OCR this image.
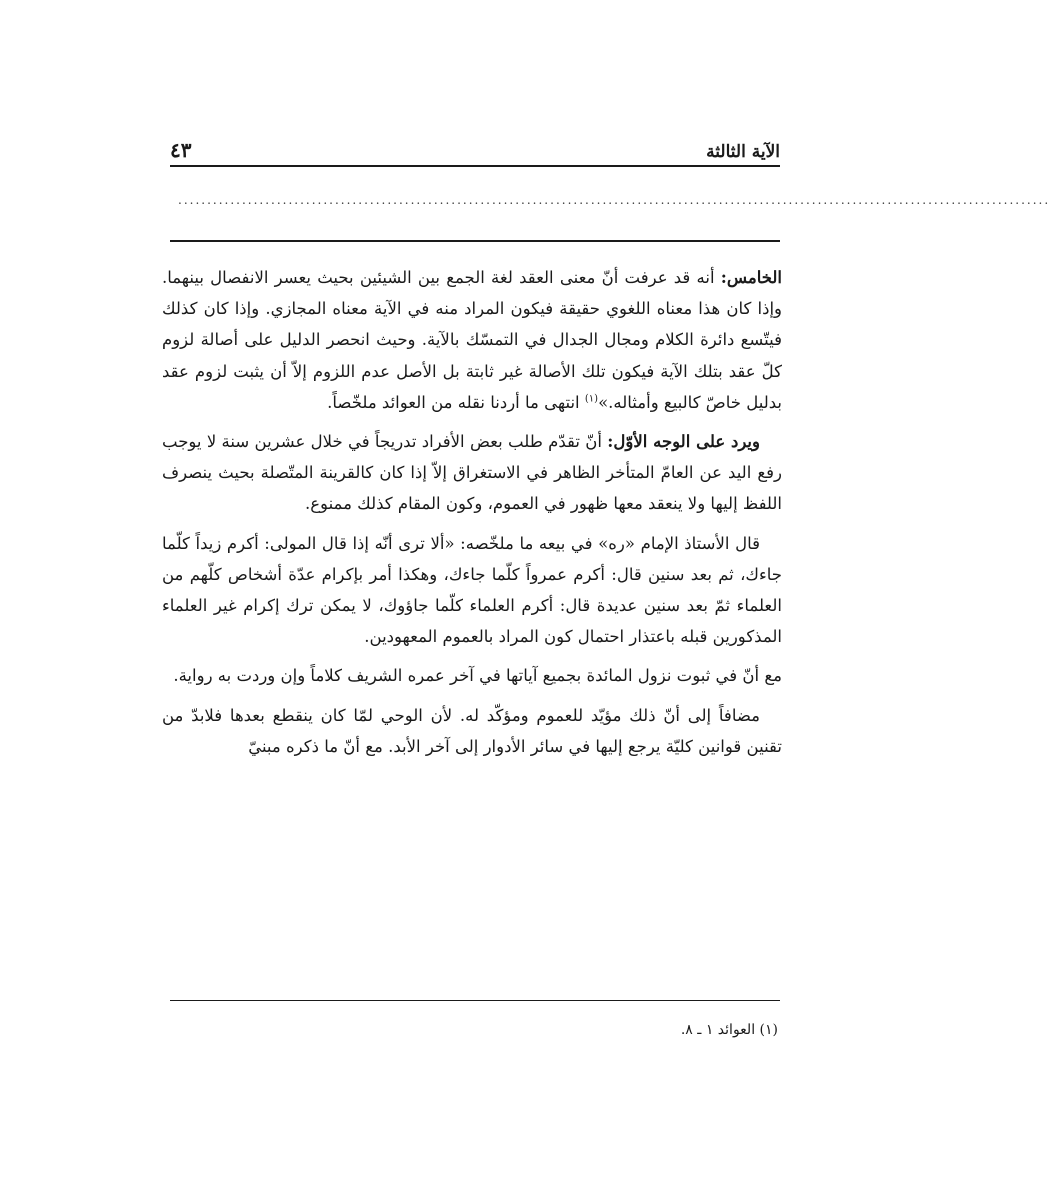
الآية الثالثة
٤٣
......................................................................................................................................................

الخامس: أنه قد عرفت أنّ معنى العقد لغة الجمع بين الشيئين بحيث يعسر الانفصال بينهما. وإذا كان هذا معناه اللغوي حقيقة فيكون المراد منه في الآية معناه المجازي. وإذا كان كذلك فيتّسع دائرة الكلام ومجال الجدال في التمسّك بالآية. وحيث انحصر الدليل على أصالة لزوم كلّ عقد بتلك الآية فيكون تلك الأصالة غير ثابتة بل الأصل عدم اللزوم إلاّ أن يثبت لزوم عقد بدليل خاصّ كالبيع وأمثاله.»$^{(١)}$ انتهى ما أردنا نقله من العوائد ملخّصاً.

ويرد على الوجه الأوّل: أنّ تقدّم طلب بعض الأفراد تدريجاً في خلال عشرين سنة لا يوجب رفع اليد عن العامّ المتأخر الظاهر في الاستغراق إلاّ إذا كان كالقرينة المتّصلة بحيث ينصرف اللفظ إليها ولا ينعقد معها ظهور في العموم، وكون المقام كذلك ممنوع.

قال الأستاذ الإمام «ره» في بيعه ما ملخّصه: «ألا ترى أنّه إذا قال المولى: أكرم زيداً كلّما جاءك، ثم بعد سنين قال: أكرم عمرواً كلّما جاءك، وهكذا أمر بإكرام عدّة أشخاص كلّهم من العلماء ثمّ بعد سنين عديدة قال: أكرم العلماء كلّما جاؤوك، لا يمكن ترك إكرام غير العلماء المذكورين قبله باعتذار احتمال كون المراد بالعموم المعهودين.

مع أنّ في ثبوت نزول المائدة بجميع آياتها في آخر عمره الشريف كلاماً وإن وردت به رواية.

مضافاً إلى أنّ ذلك مؤيّد للعموم ومؤكّد له. لأن الوحي لمّا كان ينقطع بعدها فلابدّ من تقنين قوانين كليّة يرجع إليها في سائر الأدوار إلى آخر الأبد. مع أنّ ما ذكره مبنيّ

(١) العوائد ١ ـ ٨.
